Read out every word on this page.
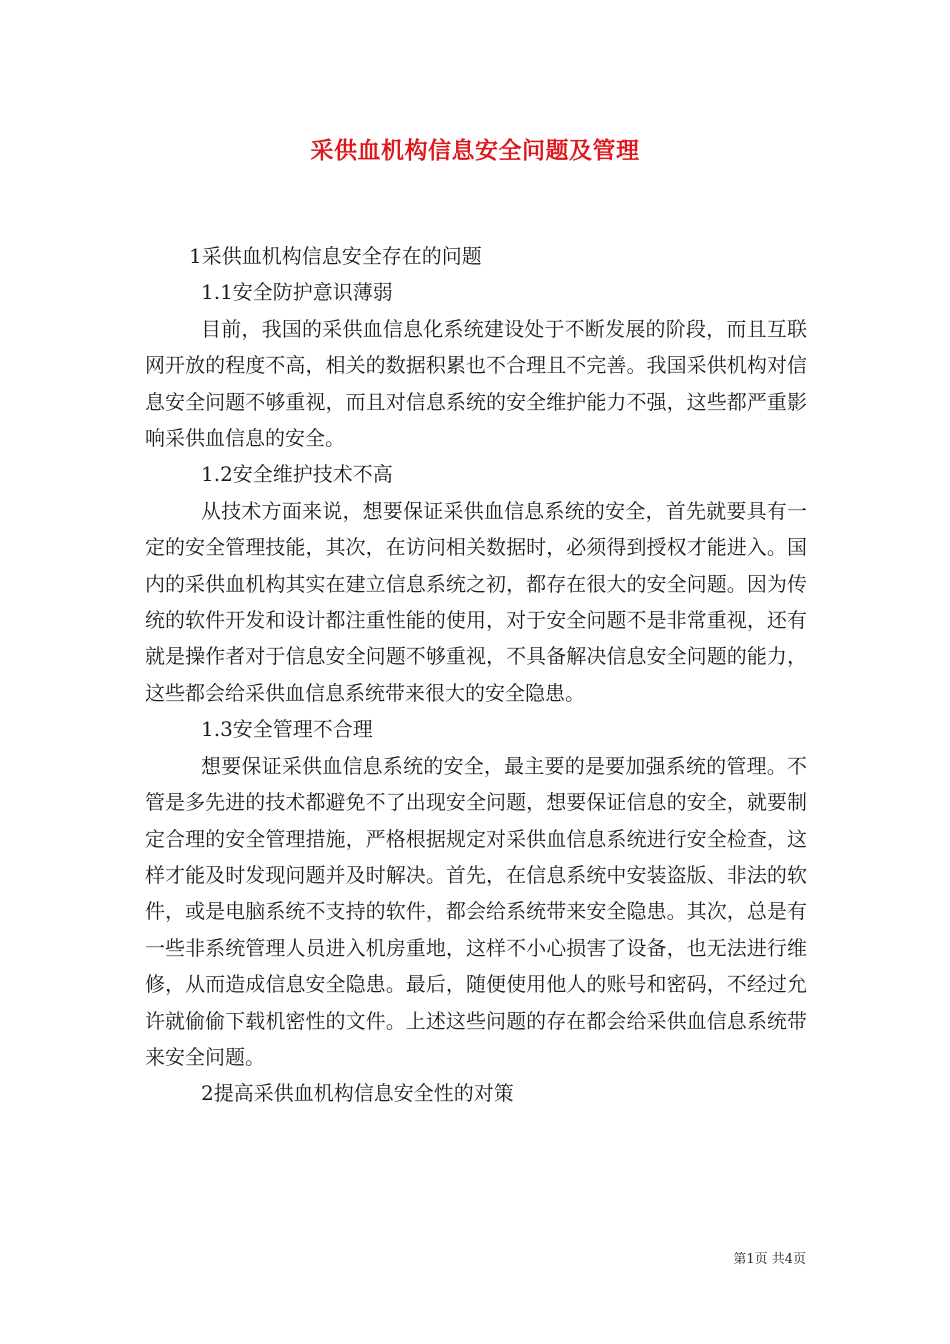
采供血机构信息安全问题及管理

1采供血机构信息安全存在的问题

1.1安全防护意识薄弱

目前，我国的采供血信息化系统建设处于不断发展的阶段，而且互联网开放的程度不高，相关的数据积累也不合理且不完善。我国采供机构对信息安全问题不够重视，而且对信息系统的安全维护能力不强，这些都严重影响采供血信息的安全。

1.2安全维护技术不高

从技术方面来说，想要保证采供血信息系统的安全，首先就要具有一定的安全管理技能，其次，在访问相关数据时，必须得到授权才能进入。国内的采供血机构其实在建立信息系统之初，都存在很大的安全问题。因为传统的软件开发和设计都注重性能的使用，对于安全问题不是非常重视，还有就是操作者对于信息安全问题不够重视，不具备解决信息安全问题的能力，这些都会给采供血信息系统带来很大的安全隐患。

1.3安全管理不合理

想要保证采供血信息系统的安全，最主要的是要加强系统的管理。不管是多先进的技术都避免不了出现安全问题，想要保证信息的安全，就要制定合理的安全管理措施，严格根据规定对采供血信息系统进行安全检查，这样才能及时发现问题并及时解决。首先，在信息系统中安装盗版、非法的软件，或是电脑系统不支持的软件，都会给系统带来安全隐患。其次，总是有一些非系统管理人员进入机房重地，这样不小心损害了设备，也无法进行维修，从而造成信息安全隐患。最后，随便使用他人的账号和密码，不经过允许就偷偷下载机密性的文件。上述这些问题的存在都会给采供血信息系统带来安全问题。

2提高采供血机构信息安全性的对策

第1页 共4页
